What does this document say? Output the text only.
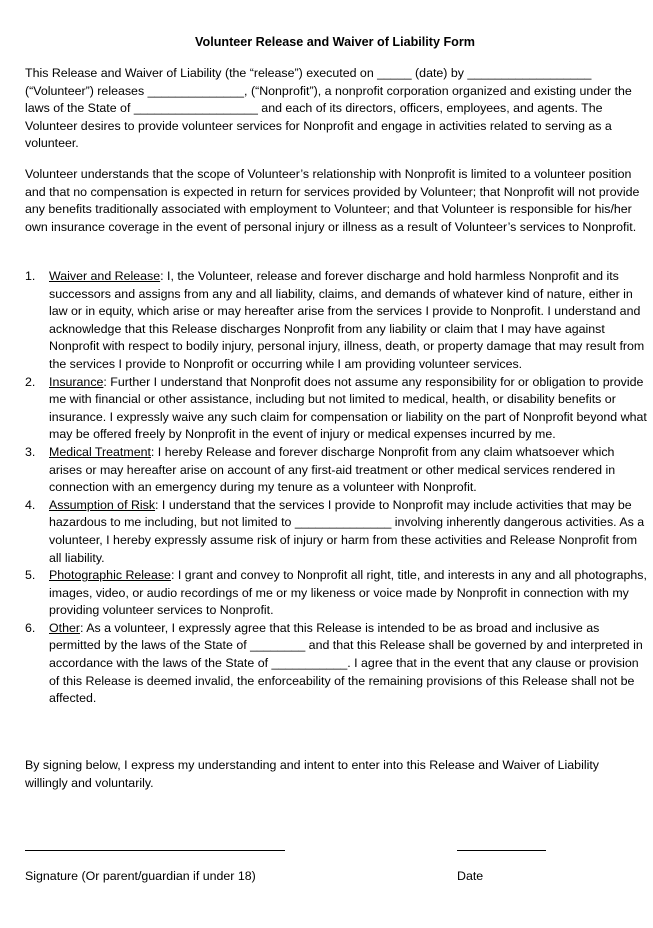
Volunteer Release and Waiver of Liability Form

This Release and Waiver of Liability (the “release”) executed on _____ (date) by __________________ (“Volunteer”) releases ______________, (“Nonprofit”), a nonprofit corporation organized and existing under the laws of the State of __________________ and each of its directors, officers, employees, and agents. The Volunteer desires to provide volunteer services for Nonprofit and engage in activities related to serving as a volunteer.

Volunteer understands that the scope of Volunteer’s relationship with Nonprofit is limited to a volunteer position and that no compensation is expected in return for services provided by Volunteer; that Nonprofit will not provide any benefits traditionally associated with employment to Volunteer; and that Volunteer is responsible for his/her own insurance coverage in the event of personal injury or illness as a result of Volunteer’s services to Nonprofit.

1. Waiver and Release: I, the Volunteer, release and forever discharge and hold harmless Nonprofit and its successors and assigns from any and all liability, claims, and demands of whatever kind of nature, either in law or in equity, which arise or may hereafter arise from the services I provide to Nonprofit. I understand and acknowledge that this Release discharges Nonprofit from any liability or claim that I may have against Nonprofit with respect to bodily injury, personal injury, illness, death, or property damage that may result from the services I provide to Nonprofit or occurring while I am providing volunteer services.
2. Insurance: Further I understand that Nonprofit does not assume any responsibility for or obligation to provide me with financial or other assistance, including but not limited to medical, health, or disability benefits or insurance. I expressly waive any such claim for compensation or liability on the part of Nonprofit beyond what may be offered freely by Nonprofit in the event of injury or medical expenses incurred by me.
3. Medical Treatment: I hereby Release and forever discharge Nonprofit from any claim whatsoever which arises or may hereafter arise on account of any first-aid treatment or other medical services rendered in connection with an emergency during my tenure as a volunteer with Nonprofit.
4. Assumption of Risk: I understand that the services I provide to Nonprofit may include activities that may be hazardous to me including, but not limited to ______________ involving inherently dangerous activities. As a volunteer, I hereby expressly assume risk of injury or harm from these activities and Release Nonprofit from all liability.
5. Photographic Release: I grant and convey to Nonprofit all right, title, and interests in any and all photographs, images, video, or audio recordings of me or my likeness or voice made by Nonprofit in connection with my providing volunteer services to Nonprofit.
6. Other: As a volunteer, I expressly agree that this Release is intended to be as broad and inclusive as permitted by the laws of the State of ________ and that this Release shall be governed by and interpreted in accordance with the laws of the State of ___________. I agree that in the event that any clause or provision of this Release is deemed invalid, the enforceability of the remaining provisions of this Release shall not be affected.

By signing below, I express my understanding and intent to enter into this Release and Waiver of Liability willingly and voluntarily.

Signature (Or parent/guardian if under 18)	Date
